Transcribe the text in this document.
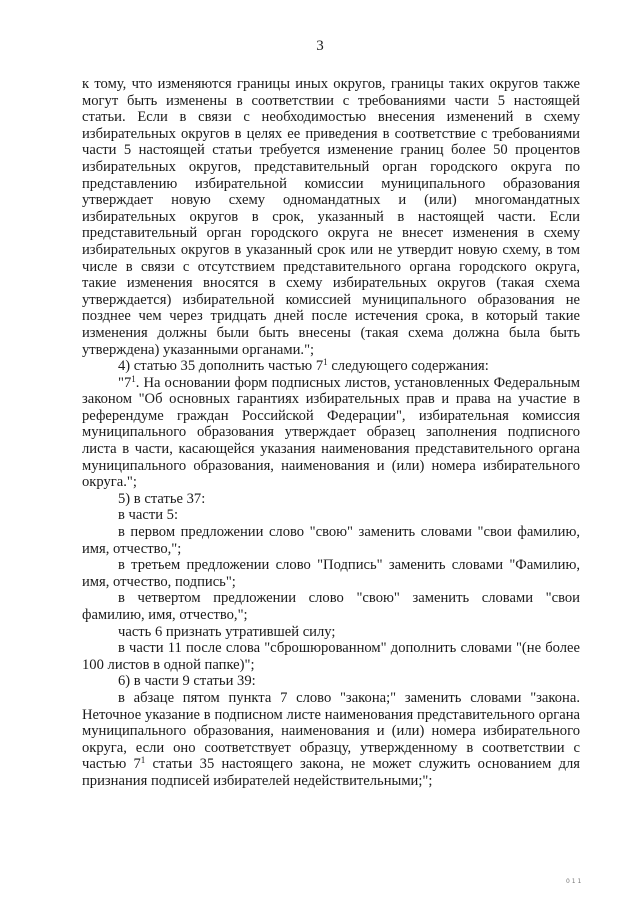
3

к тому, что изменяются границы иных округов, границы таких округов также могут быть изменены в соответствии с требованиями части 5 настоящей статьи. Если в связи с необходимостью внесения изменений в схему избирательных округов в целях ее приведения в соответствие с требованиями части 5 настоящей статьи требуется изменение границ более 50 процентов избирательных округов, представительный орган городского округа по представлению избирательной комиссии муниципального образования утверждает новую схему одномандатных и (или) многомандатных избирательных округов в срок, указанный в настоящей части. Если представительный орган городского округа не внесет изменения в схему избирательных округов в указанный срок или не утвердит новую схему, в том числе в связи с отсутствием представительного органа городского округа, такие изменения вносятся в схему избирательных округов (такая схема утверждается) избирательной комиссией муниципального образования не позднее чем через тридцать дней после истечения срока, в который такие изменения должны были быть внесены (такая схема должна была быть утверждена) указанными органами.";

4) статью 35 дополнить частью $7^1$ следующего содержания:

"$7^1$. На основании форм подписных листов, установленных Федеральным законом "Об основных гарантиях избирательных прав и права на участие в референдуме граждан Российской Федерации", избирательная комиссия муниципального образования утверждает образец заполнения подписного листа в части, касающейся указания наименования представительного органа муниципального образования, наименования и (или) номера избирательного округа.";

5) в статье 37:

в части 5:

в первом предложении слово "свою" заменить словами "свои фамилию, имя, отчество,";

в третьем предложении слово "Подпись" заменить словами "Фамилию, имя, отчество, подпись";

в четвертом предложении слово "свою" заменить словами "свои фамилию, имя, отчество,";

часть 6 признать утратившей силу;

в части 11 после слова "сброшюрованном" дополнить словами "(не более 100 листов в одной папке)";

6) в части 9 статьи 39:

в абзаце пятом пункта 7 слово "закона;" заменить словами "закона. Неточное указание в подписном листе наименования представительного органа муниципального образования, наименования и (или) номера избирательного округа, если оно соответствует образцу, утвержденному в соответствии с частью $7^1$ статьи 35 настоящего закона, не может служить основанием для признания подписей избирателей недействительными;";

0 1 1
